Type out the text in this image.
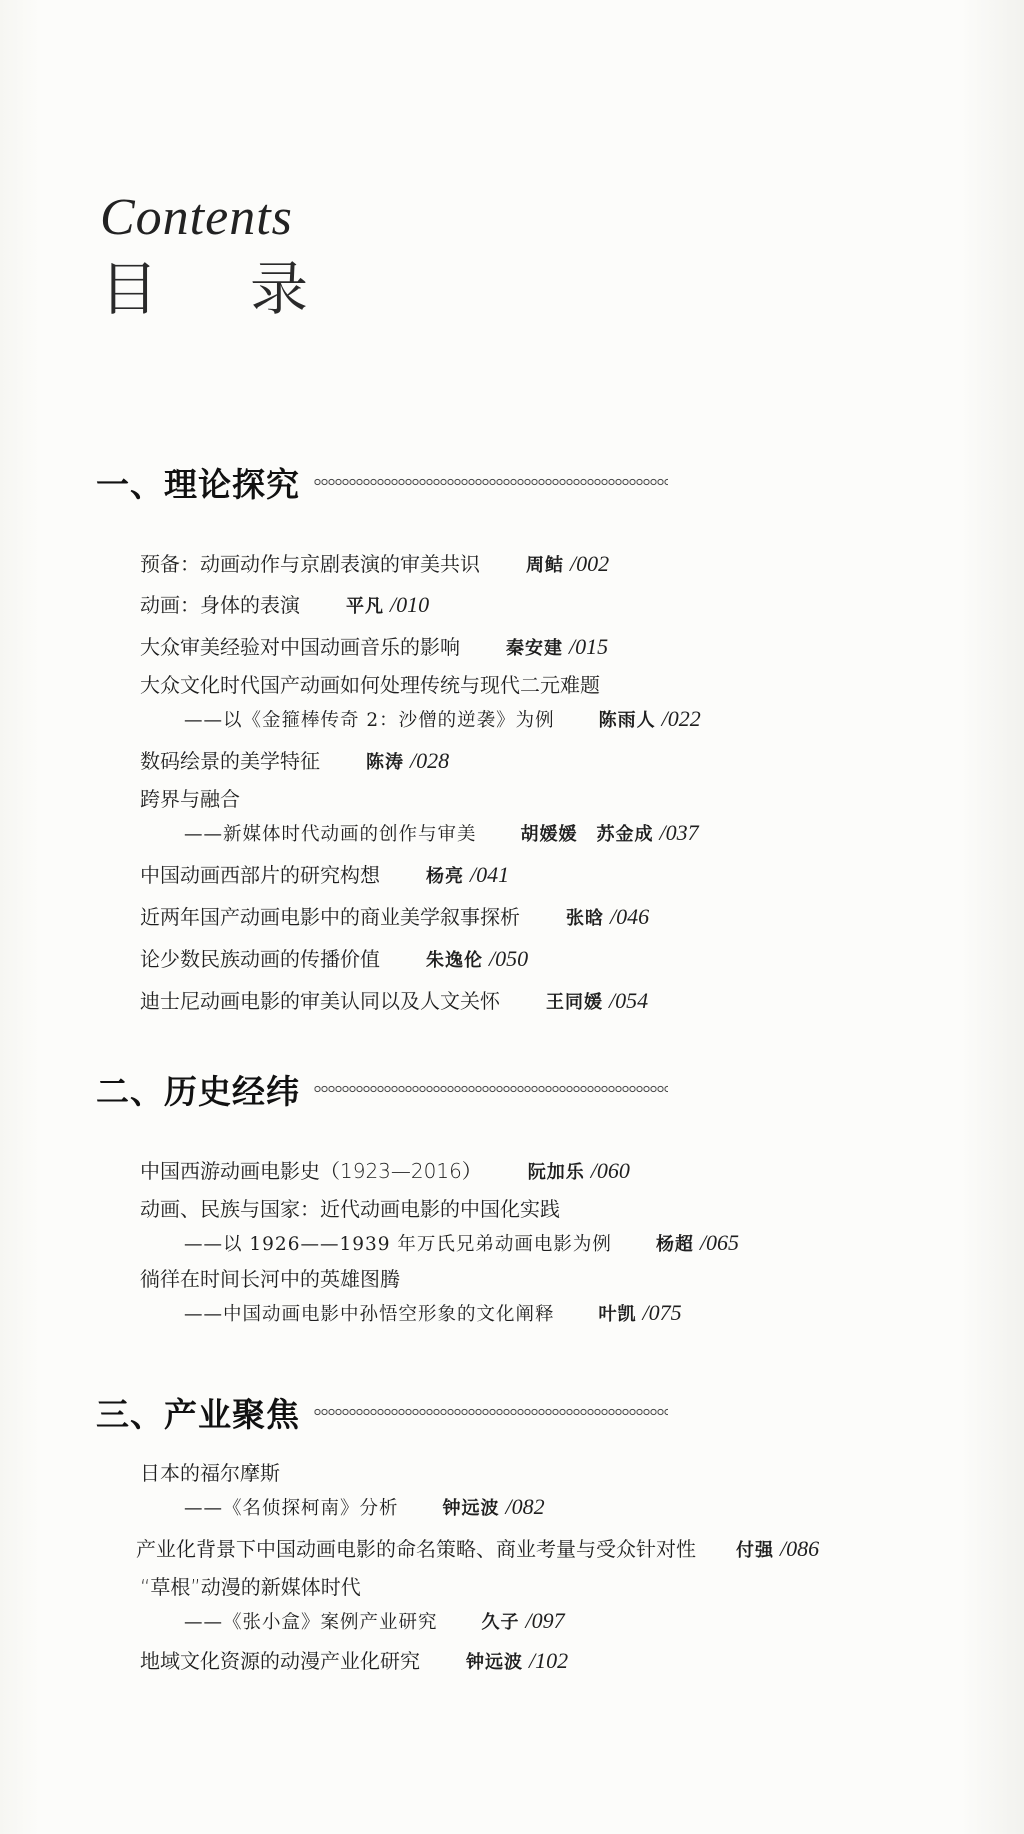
Contents
目 录
一、理论探究
预备：动画动作与京剧表演的审美共识	周鲒 /002
动画：身体的表演	平凡 /010
大众审美经验对中国动画音乐的影响	秦安建 /015
大众文化时代国产动画如何处理传统与现代二元难题
——以《金箍棒传奇 2：沙僧的逆袭》为例 陈雨人 /022
数码绘景的美学特征	陈涛 /028
跨界与融合
——新媒体时代动画的创作与审美 胡媛媛　苏金成 /037
中国动画西部片的研究构想	杨亮 /041
近两年国产动画电影中的商业美学叙事探析	张晗 /046
论少数民族动画的传播价值	朱逸伦 /050
迪士尼动画电影的审美认同以及人文关怀	王同媛 /054
二、历史经纬
中国西游动画电影史（1923—2016）	阮加乐 /060
动画、民族与国家：近代动画电影的中国化实践
——以 1926——1939 年万氏兄弟动画电影为例 杨超 /065
徜徉在时间长河中的英雄图腾
——中国动画电影中孙悟空形象的文化阐释 叶凯 /075
三、产业聚焦
日本的福尔摩斯
——《名侦探柯南》分析 钟远波 /082
产业化背景下中国动画电影的命名策略、商业考量与受众针对性 付强 /086
“草根”动漫的新媒体时代
——《张小盒》案例产业研究 久子 /097
地域文化资源的动漫产业化研究	钟远波 /102
